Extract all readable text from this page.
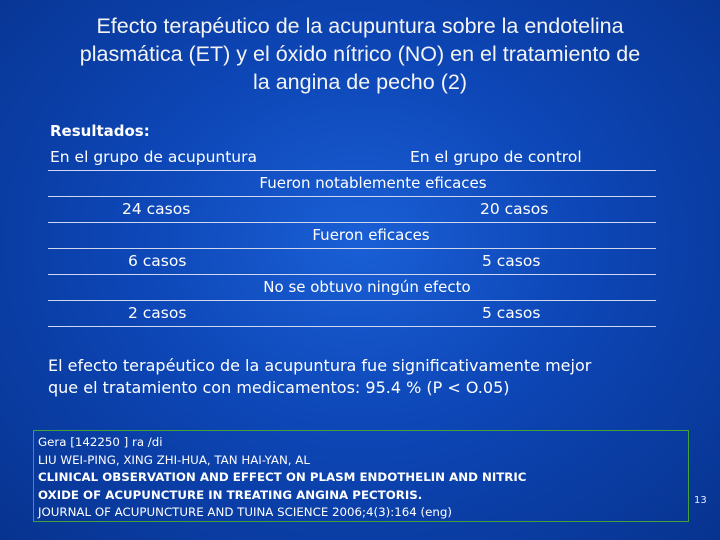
Efecto terapéutico de la acupuntura sobre la endotelina
plasmática (ET) y el óxido nítrico (NO) en el tratamiento de
la angina de pecho (2)
Resultados:
En el grupo de acupuntura	En el grupo de control
Fueron notablemente eficaces
24 casos	20 casos
Fueron eficaces
6 casos	5 casos
No se obtuvo ningún efecto
2 casos	5 casos
El efecto terapéutico de la acupuntura fue significativamente mejor
que el tratamiento con medicamentos: 95.4 % (P < O.05)
Gera [142250 ] ra /di
LIU WEI-PING, XING ZHI-HUA, TAN HAI-YAN, AL
CLINICAL OBSERVATION AND EFFECT ON PLASM ENDOTHELIN AND NITRIC
OXIDE OF ACUPUNCTURE IN TREATING ANGINA PECTORIS.
JOURNAL OF ACUPUNCTURE AND TUINA SCIENCE 2006;4(3):164 (eng)
13
